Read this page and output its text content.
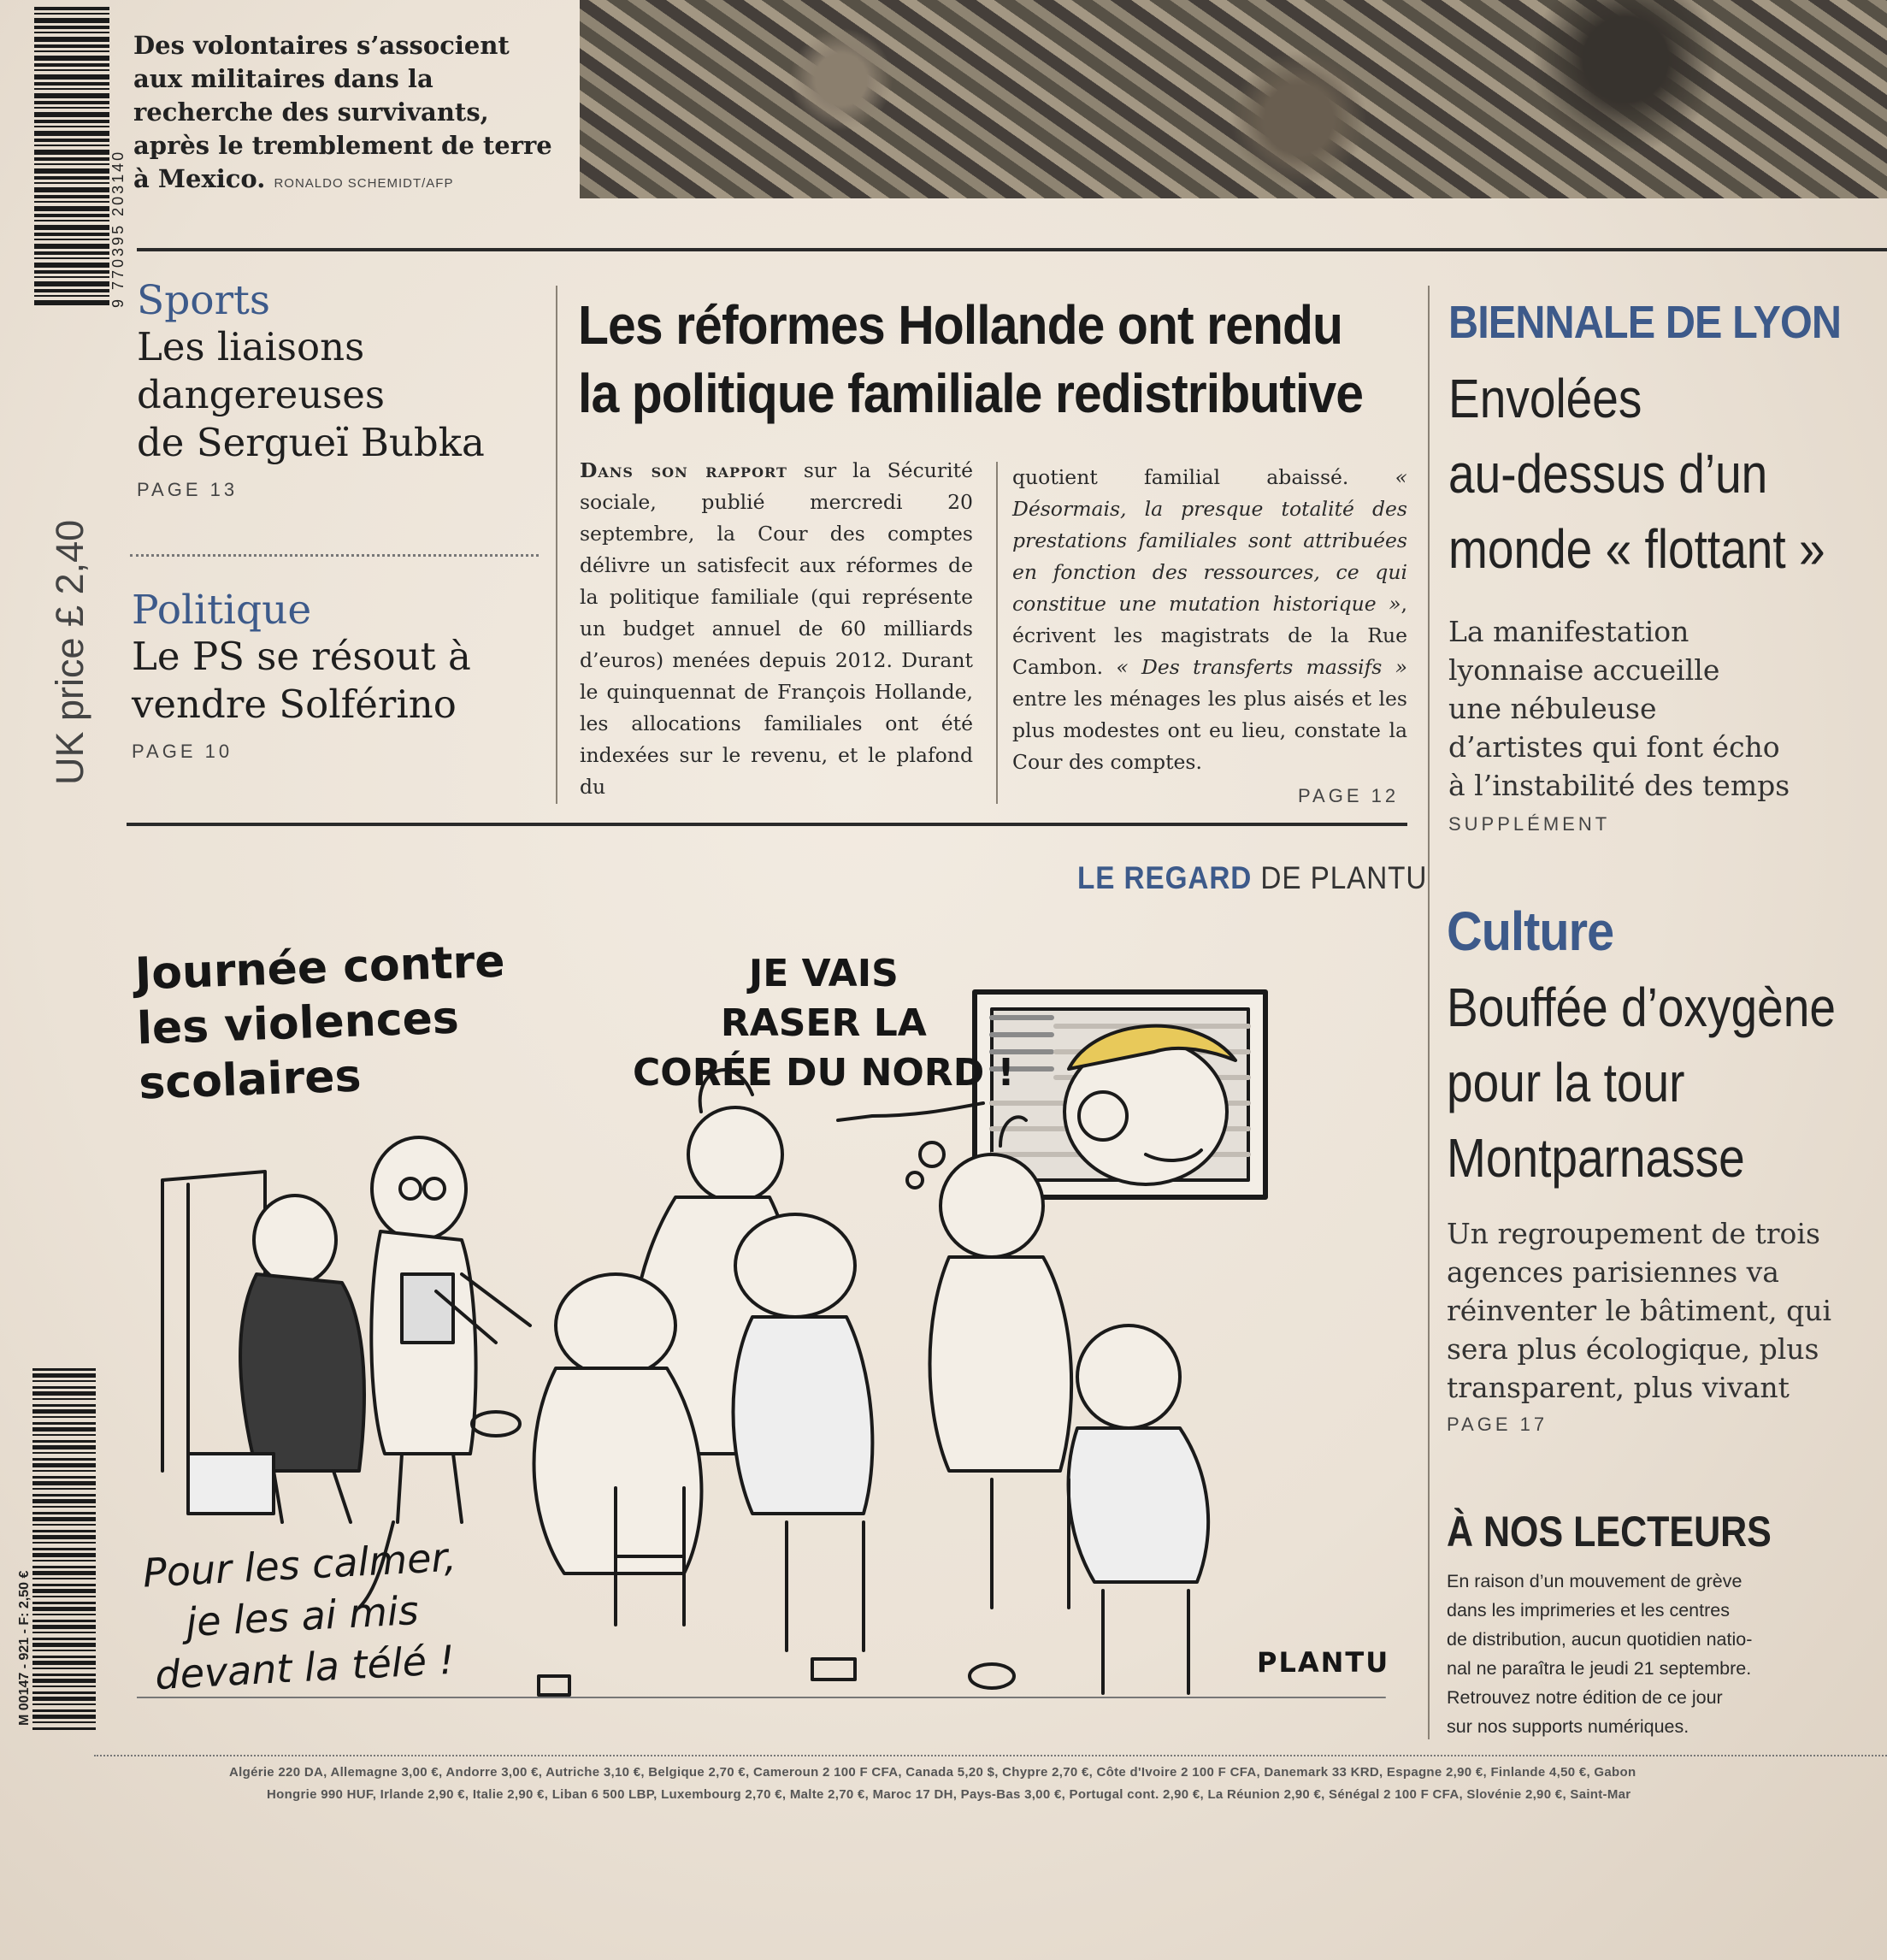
9 770395 203140
UK price £ 2,40
M 00147 - 921 - F: 2,50 €
Des volontaires s’associent
aux militaires dans la
recherche des survivants,
après le tremblement de terre
à Mexico. RONALDO SCHEMIDT/AFP
Sports
Les liaisons
dangereuses
de Sergueï Bubka
PAGE 13
Politique
Le PS se résout à
vendre Solférino
PAGE 10
Les réformes Hollande ont rendu
la politique familiale redistributive
Dans son rapport sur la Sécurité sociale, publié mercredi 20 septembre, la Cour des comptes délivre un satisfecit aux réformes de la politique familiale (qui représente un budget annuel de 60 milliards d’euros) menées depuis 2012. Durant le quinquennat de François Hollande, les allocations familiales ont été indexées sur le revenu, et le plafond du
quotient familial abaissé. « Désormais, la presque totalité des prestations familiales sont attribuées en fonction des ressources, ce qui constitue une mutation historique », écrivent les magistrats de la Rue Cambon. « Des transferts massifs » entre les ménages les plus aisés et les plus modestes ont eu lieu, constate la Cour des comptes.
PAGE 12
BIENNALE DE LYON
Envolées
au-dessus d’un
monde « flottant »
La manifestation
lyonnaise accueille
une nébuleuse
d’artistes qui font écho
à l’instabilité des temps
SUPPLÉMENT
Culture
Bouffée d’oxygène
pour la tour
Montparnasse
Un regroupement de trois
agences parisiennes va
réinventer le bâtiment, qui
sera plus écologique, plus
transparent, plus vivant
PAGE 17
À NOS LECTEURS
En raison d’un mouvement de grève
dans les imprimeries et les centres
de distribution, aucun quotidien natio-
nal ne paraîtra le jeudi 21 septembre.
Retrouvez notre édition de ce jour
sur nos supports numériques.
LE REGARD DE PLANTU
Journée contre
les violences
scolaires
JE VAIS
RASER LA
CORÉE DU NORD !
Pour les calmer,
je les ai mis
devant la télé !	PLANTU
Algérie 220 DA, Allemagne 3,00 €, Andorre 3,00 €, Autriche 3,10 €, Belgique 2,70 €, Cameroun 2 100 F CFA, Canada 5,20 $, Chypre 2,70 €, Côte d'Ivoire 2 100 F CFA, Danemark 33 KRD, Espagne 2,90 €, Finlande 4,50 €, Gabon
Hongrie 990 HUF, Irlande 2,90 €, Italie 2,90 €, Liban 6 500 LBP, Luxembourg 2,70 €, Malte 2,70 €, Maroc 17 DH, Pays-Bas 3,00 €, Portugal cont. 2,90 €, La Réunion 2,90 €, Sénégal 2 100 F CFA, Slovénie 2,90 €, Saint-Mar
